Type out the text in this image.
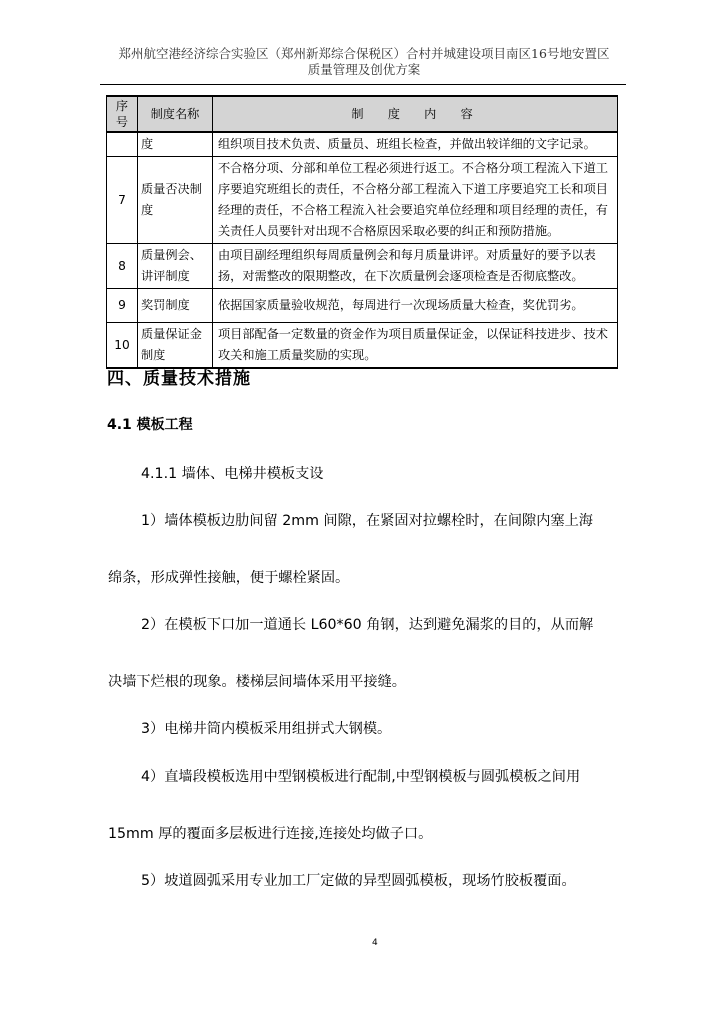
郑州航空港经济综合实验区（郑州新郑综合保税区）合村并城建设项目南区16号地安置区
质量管理及创优方案
序号	制度名称	制　度　内　容
	度	组织项目技术负责、质量员、班组长检查，并做出较详细的文字记录。
7	质量否决制度	不合格分项、分部和单位工程必须进行返工。不合格分项工程流入下道工序要追究班组长的责任，不合格分部工程流入下道工序要追究工长和项目经理的责任，不合格工程流入社会要追究单位经理和项目经理的责任，有关责任人员要针对出现不合格原因采取必要的纠正和预防措施。
8	质量例会、讲评制度	由项目副经理组织每周质量例会和每月质量讲评。对质量好的要予以表扬，对需整改的限期整改，在下次质量例会逐项检查是否彻底整改。
9	奖罚制度	依据国家质量验收规范，每周进行一次现场质量大检查，奖优罚劣。
10	质量保证金制度	项目部配备一定数量的资金作为项目质量保证金，以保证科技进步、技术攻关和施工质量奖励的实现。
四、质量技术措施
4.1 模板工程
4.1.1 墙体、电梯井模板支设
1）墙体模板边肋间留 2mm 间隙，在紧固对拉螺栓时，在间隙内塞上海
绵条，形成弹性接触，便于螺栓紧固。
2）在模板下口加一道通长 L60*60 角钢，达到避免漏浆的目的，从而解
决墙下烂根的现象。楼梯层间墙体采用平接缝。
3）电梯井筒内模板采用组拼式大钢模。
4）直墙段模板选用中型钢模板进行配制,中型钢模板与圆弧模板之间用
15mm 厚的覆面多层板进行连接,连接处均做子口。
5）坡道圆弧采用专业加工厂定做的异型圆弧模板，现场竹胶板覆面。
4
